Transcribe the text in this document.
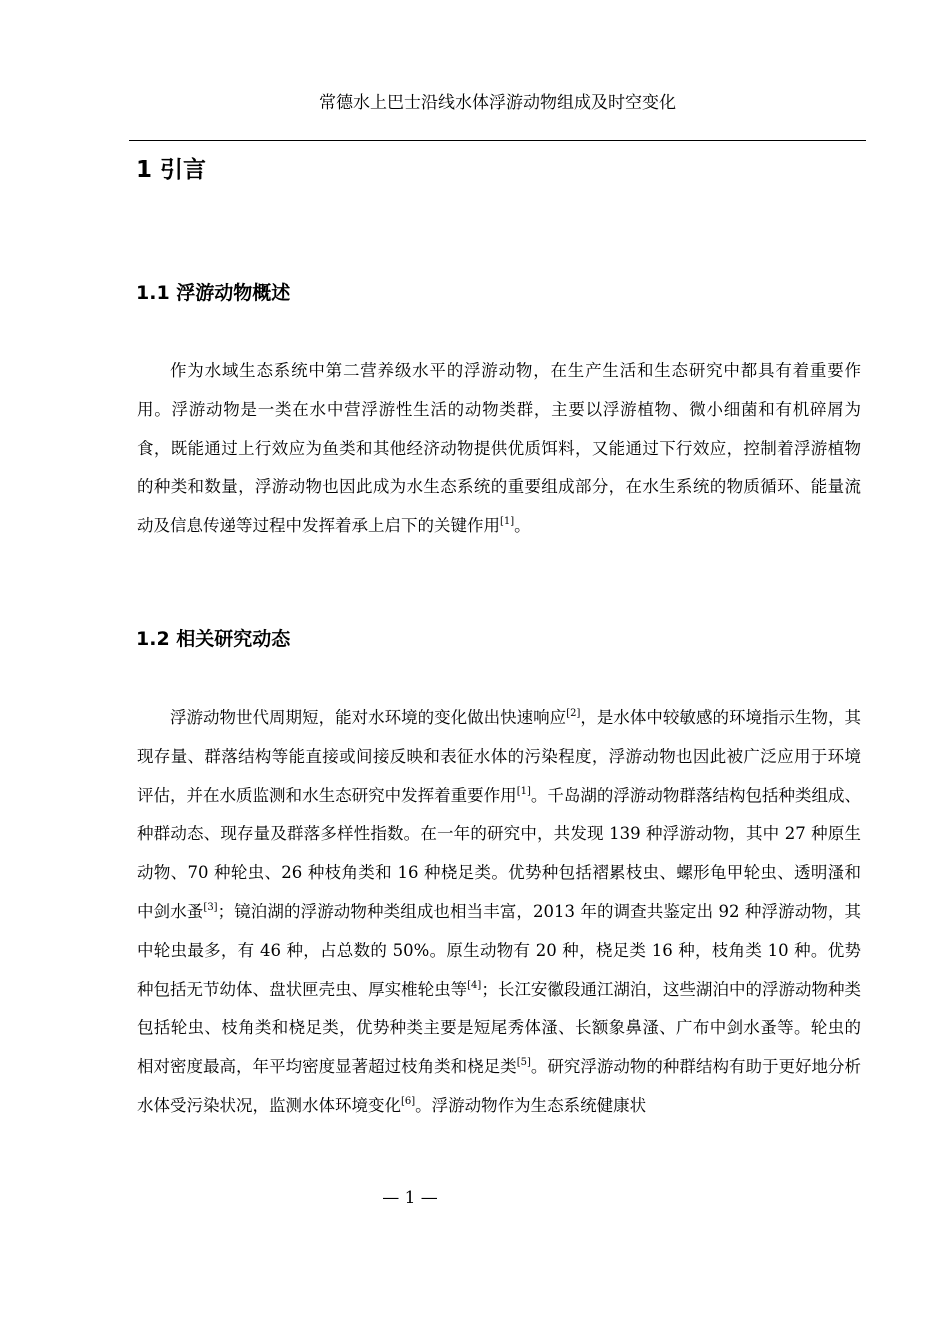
常德水上巴士沿线水体浮游动物组成及时空变化
1 引言
1.1 浮游动物概述
作为水域生态系统中第二营养级水平的浮游动物，在生产生活和生态研究中都具有着重要作用。浮游动物是一类在水中营浮游性生活的动物类群，主要以浮游植物、微小细菌和有机碎屑为食，既能通过上行效应为鱼类和其他经济动物提供优质饵料，又能通过下行效应，控制着浮游植物的种类和数量，浮游动物也因此成为水生态系统的重要组成部分，在水生系统的物质循环、能量流动及信息传递等过程中发挥着承上启下的关键作用[1]。
1.2 相关研究动态
浮游动物世代周期短，能对水环境的变化做出快速响应[2]，是水体中较敏感的环境指示生物，其现存量、群落结构等能直接或间接反映和表征水体的污染程度，浮游动物也因此被广泛应用于环境评估，并在水质监测和水生态研究中发挥着重要作用[1]。千岛湖的浮游动物群落结构包括种类组成、种群动态、现存量及群落多样性指数。在一年的研究中，共发现 139 种浮游动物，其中 27 种原生动物、70 种轮虫、26 种枝角类和 16 种桡足类。优势种包括褶累枝虫、螺形龟甲轮虫、透明溞和中剑水蚤[3]；镜泊湖的浮游动物种类组成也相当丰富，2013 年的调查共鉴定出 92 种浮游动物，其中轮虫最多，有 46 种，占总数的 50%。原生动物有 20 种，桡足类 16 种，枝角类 10 种。优势种包括无节幼体、盘状匣壳虫、厚实椎轮虫等[4]；长江安徽段通江湖泊，这些湖泊中的浮游动物种类包括轮虫、枝角类和桡足类，优势种类主要是短尾秀体溞、长额象鼻溞、广布中剑水蚤等。轮虫的相对密度最高，年平均密度显著超过枝角类和桡足类[5]。研究浮游动物的种群结构有助于更好地分析水体受污染状况，监测水体环境变化[6]。浮游动物作为生态系统健康状
— 1 —
